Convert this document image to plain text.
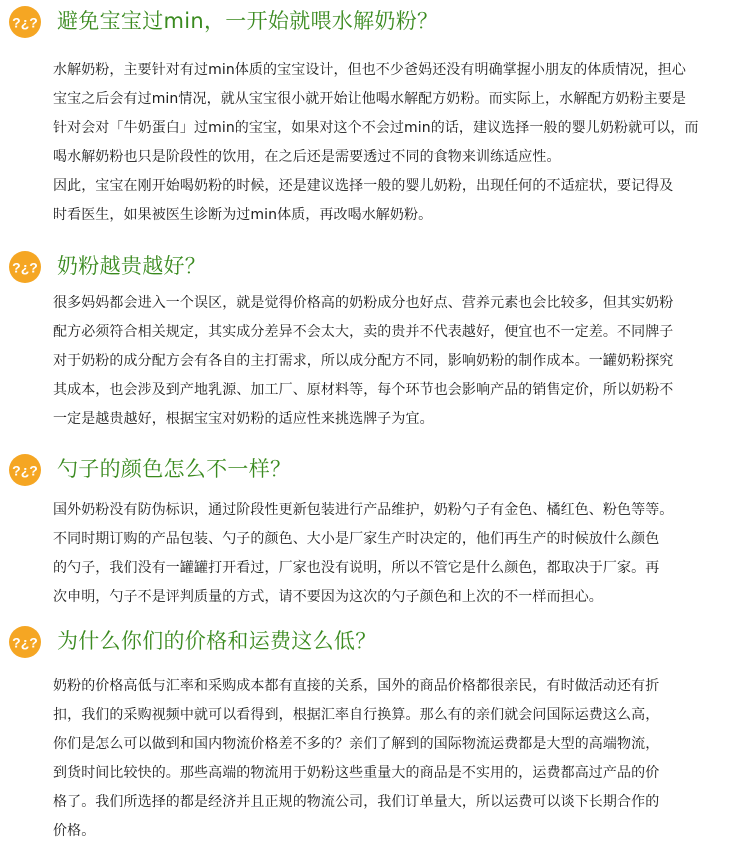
?¿? 避免宝宝过min，一开始就喂水解奶粉？
水解奶粉，主要针对有过min体质的宝宝设计，但也不少爸妈还没有明确掌握小朋友的体质情况，担心
宝宝之后会有过min情况，就从宝宝很小就开始让他喝水解配方奶粉。而实际上，水解配方奶粉主要是
针对会对「牛奶蛋白」过min的宝宝，如果对这个不会过min的话，建议选择一般的婴儿奶粉就可以，而
喝水解奶粉也只是阶段性的饮用，在之后还是需要透过不同的食物来训练适应性。
因此，宝宝在刚开始喝奶粉的时候，还是建议选择一般的婴儿奶粉，出现任何的不适症状，要记得及
时看医生，如果被医生诊断为过min体质，再改喝水解奶粉。
?¿? 奶粉越贵越好？
很多妈妈都会进入一个误区，就是觉得价格高的奶粉成分也好点、营养元素也会比较多，但其实奶粉
配方必须符合相关规定，其实成分差异不会太大，卖的贵并不代表越好，便宜也不一定差。不同牌子
对于奶粉的成分配方会有各自的主打需求，所以成分配方不同，影响奶粉的制作成本。一罐奶粉探究
其成本，也会涉及到产地乳源、加工厂、原材料等，每个环节也会影响产品的销售定价，所以奶粉不
一定是越贵越好，根据宝宝对奶粉的适应性来挑选牌子为宜。
?¿? 勺子的颜色怎么不一样？
国外奶粉没有防伪标识，通过阶段性更新包装进行产品维护，奶粉勺子有金色、橘红色、粉色等等。
不同时期订购的产品包装、勺子的颜色、大小是厂家生产时决定的，他们再生产的时候放什么颜色
的勺子，我们没有一罐罐打开看过，厂家也没有说明，所以不管它是什么颜色，都取决于厂家。再
次申明，勺子不是评判质量的方式，请不要因为这次的勺子颜色和上次的不一样而担心。
?¿? 为什么你们的价格和运费这么低？
奶粉的价格高低与汇率和采购成本都有直接的关系，国外的商品价格都很亲民，有时做活动还有折
扣，我们的采购视频中就可以看得到，根据汇率自行换算。那么有的亲们就会问国际运费这么高，
你们是怎么可以做到和国内物流价格差不多的？亲们了解到的国际物流运费都是大型的高端物流，
到货时间比较快的。那些高端的物流用于奶粉这些重量大的商品是不实用的，运费都高过产品的价
格了。我们所选择的都是经济并且正规的物流公司，我们订单量大，所以运费可以谈下长期合作的
价格。
